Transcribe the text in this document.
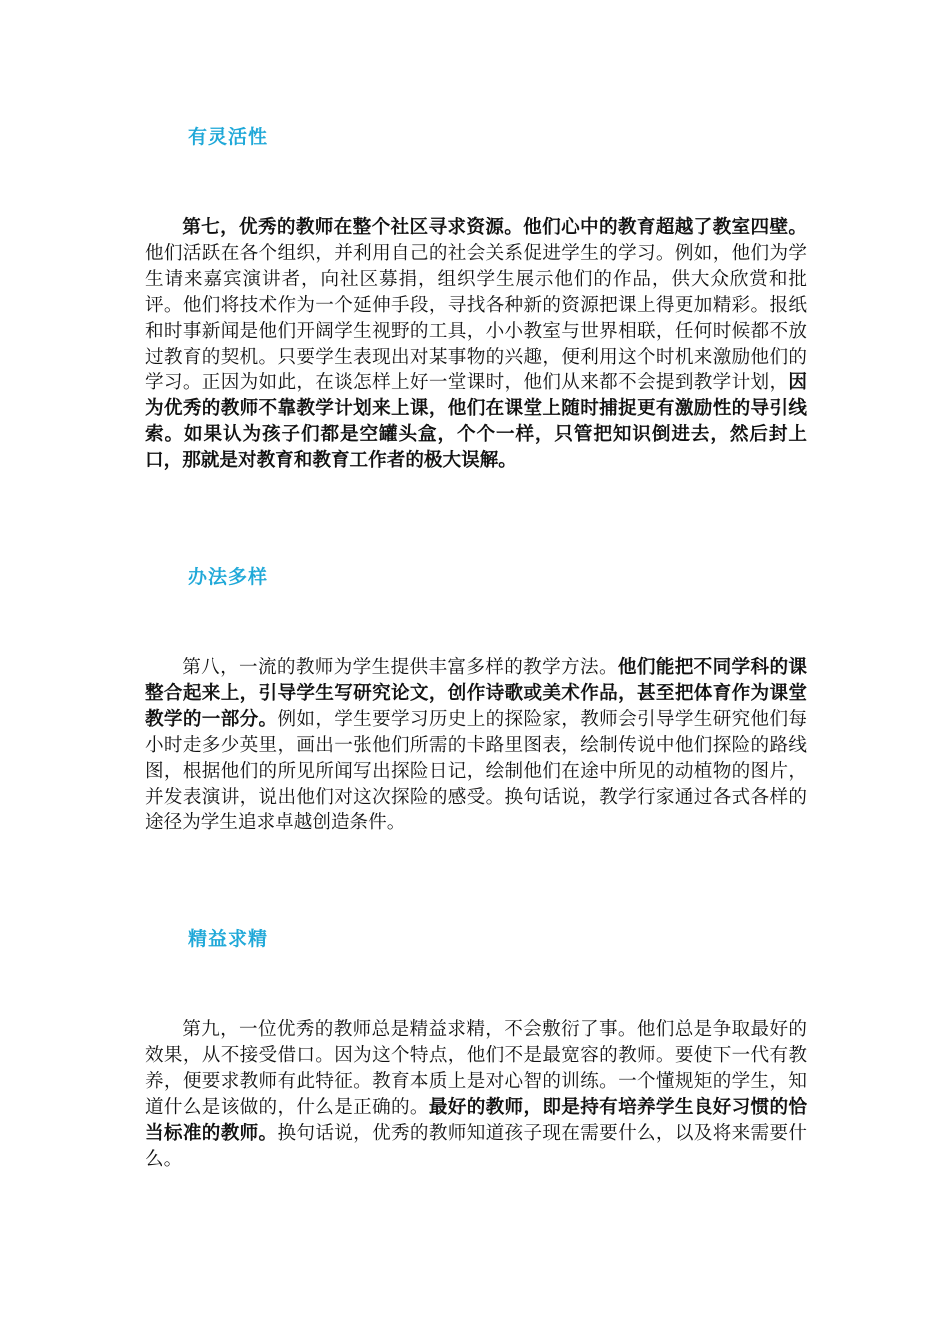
有灵活性

第七，优秀的教师在整个社区寻求资源。他们心中的教育超越了教室四壁。他们活跃在各个组织，并利用自己的社会关系促进学生的学习。例如，他们为学生请来嘉宾演讲者，向社区募捐，组织学生展示他们的作品，供大众欣赏和批评。他们将技术作为一个延伸手段，寻找各种新的资源把课上得更加精彩。报纸和时事新闻是他们开阔学生视野的工具，小小教室与世界相联，任何时候都不放过教育的契机。只要学生表现出对某事物的兴趣，便利用这个时机来激励他们的学习。正因为如此，在谈怎样上好一堂课时，他们从来都不会提到教学计划，因为优秀的教师不靠教学计划来上课，他们在课堂上随时捕捉更有激励性的导引线索。如果认为孩子们都是空罐头盒，个个一样，只管把知识倒进去，然后封上口，那就是对教育和教育工作者的极大误解。

办法多样

第八，一流的教师为学生提供丰富多样的教学方法。他们能把不同学科的课整合起来上，引导学生写研究论文，创作诗歌或美术作品，甚至把体育作为课堂教学的一部分。例如，学生要学习历史上的探险家，教师会引导学生研究他们每小时走多少英里，画出一张他们所需的卡路里图表，绘制传说中他们探险的路线图，根据他们的所见所闻写出探险日记，绘制他们在途中所见的动植物的图片，并发表演讲，说出他们对这次探险的感受。换句话说，教学行家通过各式各样的途径为学生追求卓越创造条件。

精益求精

第九，一位优秀的教师总是精益求精，不会敷衍了事。他们总是争取最好的效果，从不接受借口。因为这个特点，他们不是最宽容的教师。要使下一代有教养，便要求教师有此特征。教育本质上是对心智的训练。一个懂规矩的学生，知道什么是该做的，什么是正确的。最好的教师，即是持有培养学生良好习惯的恰当标准的教师。换句话说，优秀的教师知道孩子现在需要什么，以及将来需要什么。
